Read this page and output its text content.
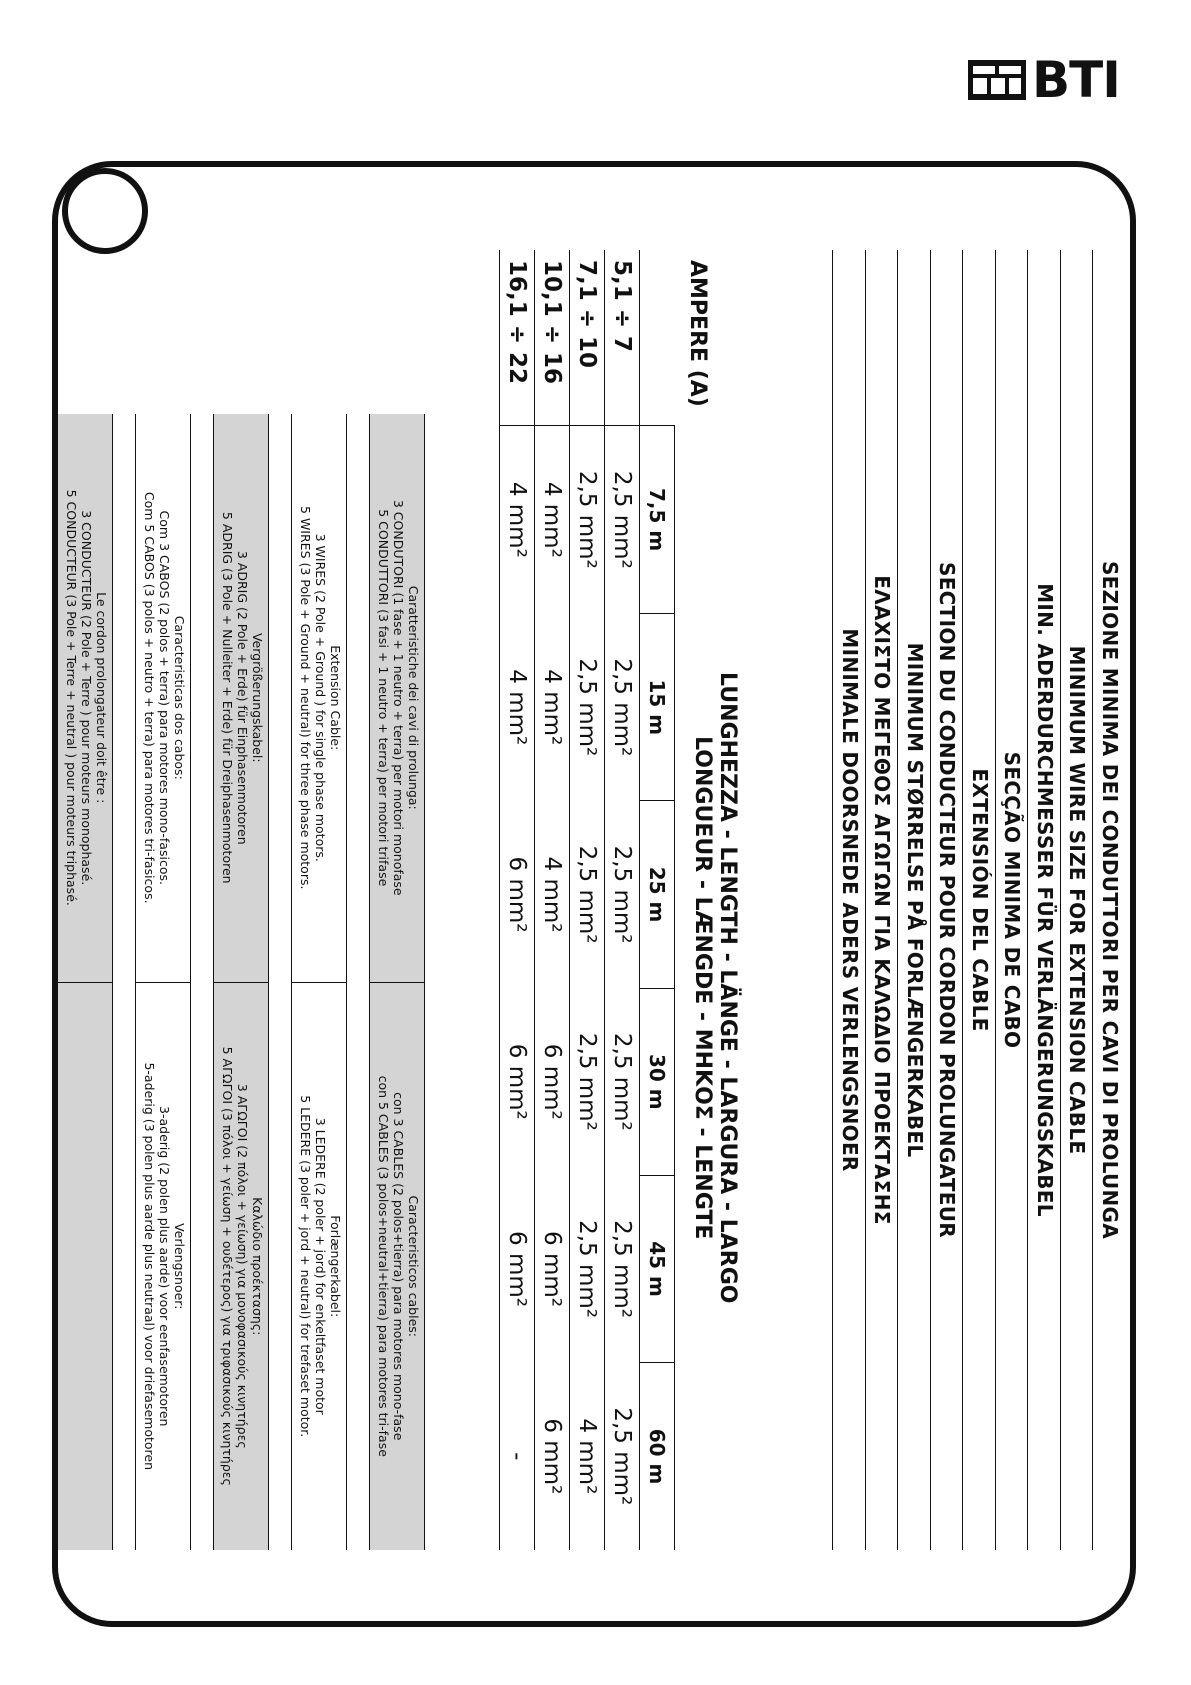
BTI
SEZIONE MINIMA DEI CONDUTTORI PER CAVI DI PROLUNGA
MINIMUM WIRE SIZE FOR EXTENSION CABLE
MIN. ADERDURCHMESSER FÜR VERLÄNGERUNGSKABEL
SECÇÃO MINIMA DE CABO
EXTENSIÓN DEL CABLE
SECTION DU CONDUCTEUR POUR CORDON PROLUNGATEUR
MINIMUM STØRRELSE PÅ FORLÆNGERKABEL
ΕΛΑΧΙΣΤΟ ΜΕΓΕΘΟΣ ΑΓΩΓΩΝ ΓΙΑ ΚΑΛΩΔΙΟ ΠΡΟΕΚΤΑΣΗΣ
MINIMALE DOORSNEDE ADERS VERLENGSNOER
AMPERE (A)	LUNGHEZZA - LENGTH - LÄNGE - LARGURA - LARGO
LONGUEUR - LÆNGDE - ΜΗΚΟΣ - LENGTE					

	7,5 m	15 m	25 m	30 m	45 m	60 m
5,1 ÷ 7	2,5 mm²	2,5 mm²	2,5 mm²	2,5 mm²	2,5 mm²	2,5 mm²
7,1 ÷ 10	2,5 mm²	2,5 mm²	2,5 mm²	2,5 mm²	2,5 mm²	4 mm²
10,1 ÷ 16	4 mm²	4 mm²	4 mm²	6 mm²	6 mm²	6 mm²
16,1 ÷ 22	4 mm²	4 mm²	6 mm²	6 mm²	6 mm²	-
Caratteristiche dei cavi di prolunga:
3 CONDUTORI (1 fase + 1 neutro + terra) per motori monofase
5 CONDUTTORI (3 fasi + 1 neutro + terra) per motori trifase
Caracteristicos cables:
con 3 CABLES (2 polos+tierra) para motores mono-fase
con 5 CABLES (3 polos+neutral+tierra) para motores tri-fase
Extension Cable:
3 WIRES (2 Pole + Ground ) for single phase motors.
5 WIRES (3 Pole + Ground + neutral) for three phase motors.
Forlængerkabel:
3 LEDERE (2 poler + jord) for enkeltfaset motor
5 LEDERE (3 poler + jord + neutral) for trefaset motor.
Vergrößerungskabel:
3 ADRIG (2 Pole + Erde) für Einphasenmotoren
5 ADRIG (3 Pole + Nulleiter + Erde) für Dreiphasenmotoren
Καλώδιο προέκτασης:
3 ΑΓΩΓΟΙ (2 πόλοι + γείωση) για μονοφασικούς κινητήρες
5 ΑΓΩΓΟΙ (3 πόλοι + γείωση + ουδέτερος) για τριφασικούς κινητήρες
Caracteristicas dos cabos:
Com 3 CABOS (2 polos + terra) para motores mono-fasicos.
Com 5 CABOS (3 polos + neutro + terra) para motores tri-fasicos.
Verlengsnoer:
3-aderig (2 polen plus aarde) voor eenfasemotoren
5-aderig (3 polen plus aarde plus neutraal) voor driefasemotoren
Le cordon prolongateur doit être :
3 CONDUCTEUR (2 Pole + Terre ) pour moteurs monophasé.
5 CONDUCTEUR (3 Pole + Terre + neutral ) pour moteurs triphasé.
